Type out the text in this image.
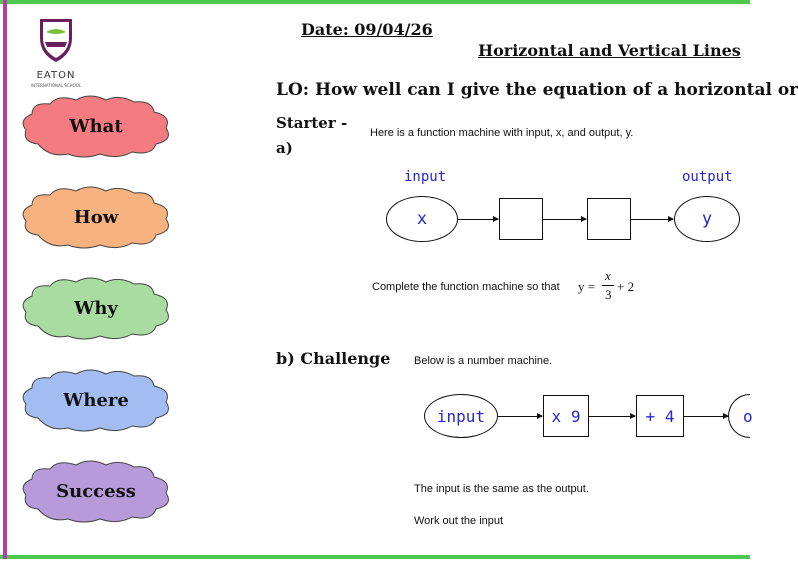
EATON
INTERNATIONAL SCHOOL
What
How
Why
Where
Success
Date: 09/04/26
Horizontal and Vertical Lines
LO: How well can I give the equation of a horizontal or
Starter -
a)
Here is a function machine with input, x, and output, y.
input	output
x	y
Complete the function machine so that y =
x
3
+ 2
b) Challenge Below is a number machine.
input	x 9	+ 4	o
The input is the same as the output.
Work out the input
